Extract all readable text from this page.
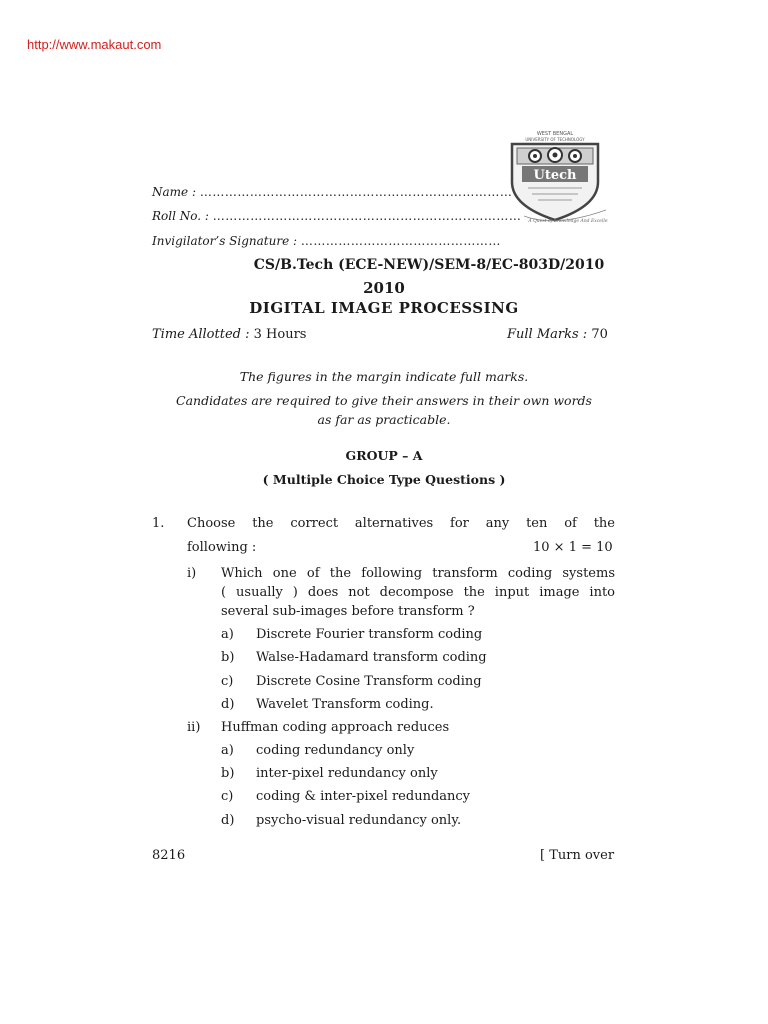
http://www.makaut.com
WEST BENGAL
UNIVERSITY OF TECHNOLOGY
Utech
A Quest of Knowledge And Excellence
Name : …………………………………………………………………
Roll No. : ……………………………………………………..…………
Invigilator’s Signature : …………………………………………
CS/B.Tech (ECE-NEW)/SEM-8/EC-803D/2010
2010
DIGITAL IMAGE PROCESSING
Time Allotted : 3 Hours	Full Marks : 70
The figures in the margin indicate full marks.
Candidates are required to give their answers in their own words
as far as practicable.
GROUP – A
( Multiple Choice Type Questions )
1. Choose the correct alternatives for any ten of the
following :	10 × 1 = 10
i) Which one of the following transform coding systems
( usually ) does not decompose the input image into
several sub-images before transform ?
a) Discrete Fourier transform coding
b) Walse-Hadamard transform coding
c) Discrete Cosine Transform coding
d) Wavelet Transform coding.
ii) Huffman coding approach reduces
a) coding redundancy only
b) inter-pixel redundancy only
c) coding & inter-pixel redundancy
d) psycho-visual redundancy only.
8216	[ Turn over
